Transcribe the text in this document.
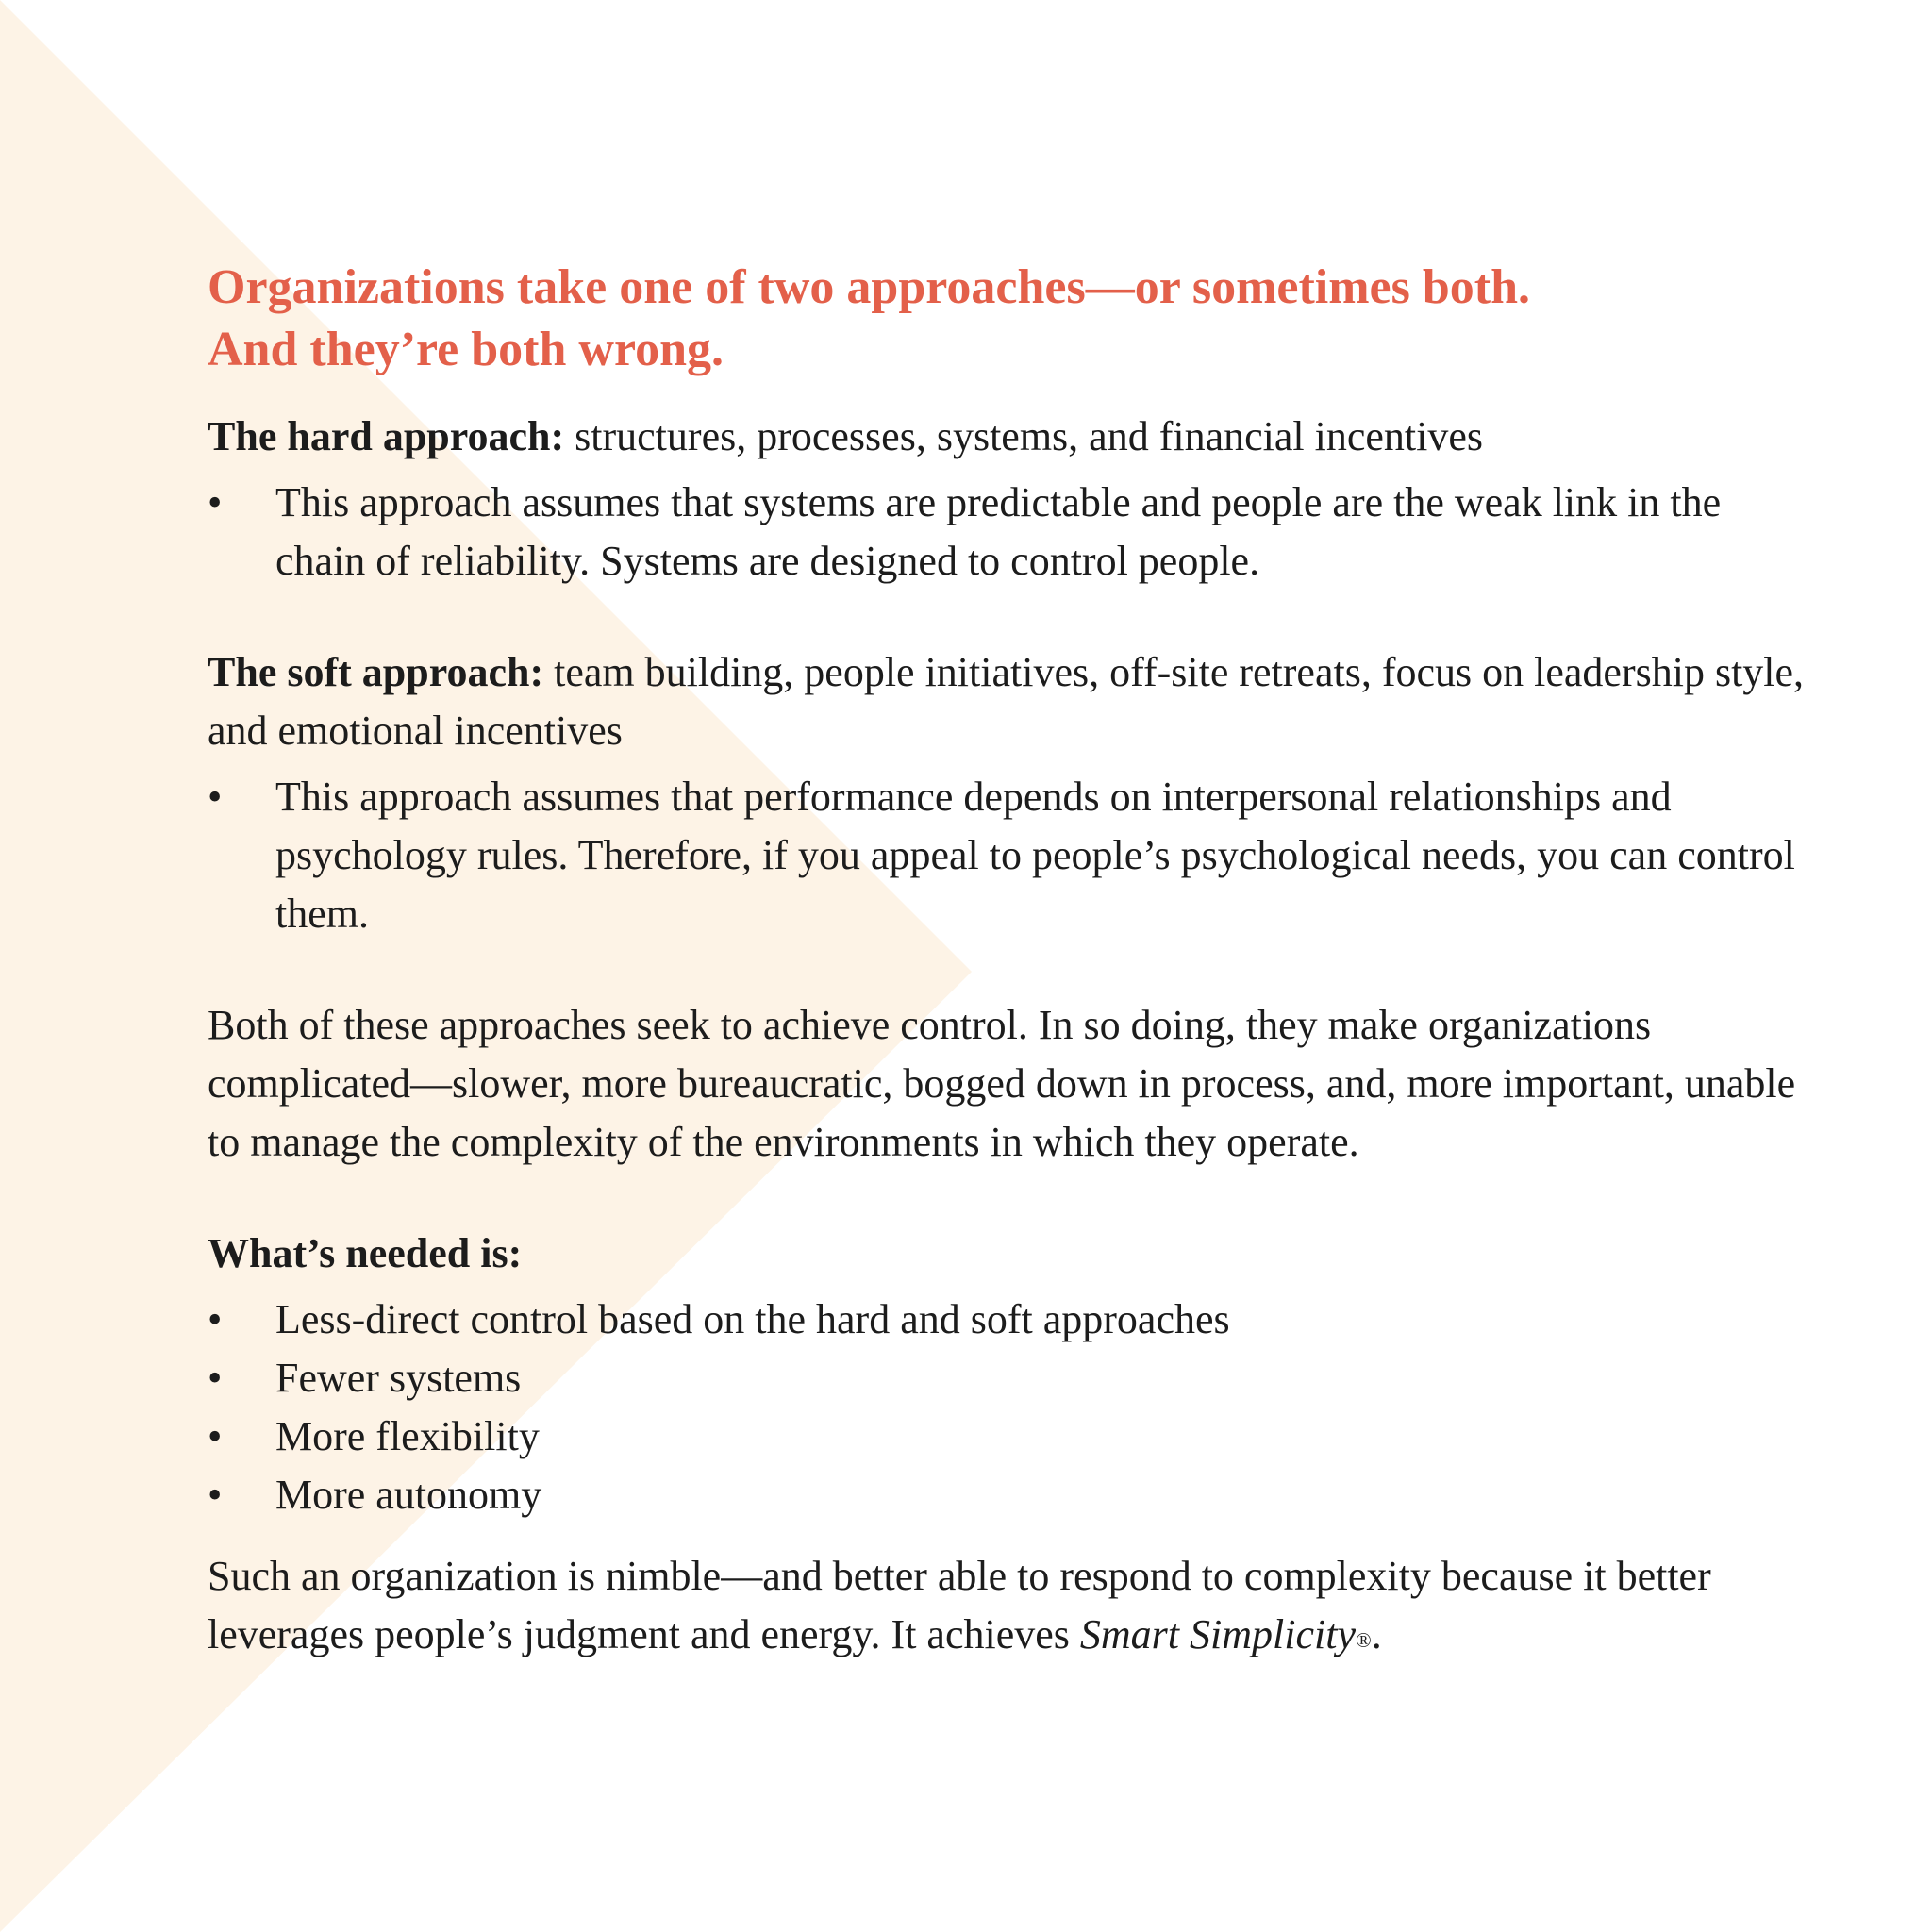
Organizations take one of two approaches—or sometimes both.
And they’re both wrong.

The hard approach: structures, processes, systems, and financial incentives

•	This approach assumes that systems are predictable and people are the weak link in the chain of reliability. Systems are designed to control people.

The soft approach: team building, people initiatives, off-site retreats, focus on leadership style, and emotional incentives

•	This approach assumes that performance depends on interpersonal relationships and psychology rules. Therefore, if you appeal to people’s psychological needs, you can control them.

Both of these approaches seek to achieve control. In so doing, they make organizations complicated—slower, more bureaucratic, bogged down in process, and, more important, unable to manage the complexity of the environments in which they operate.

What’s needed is:

•	Less-direct control based on the hard and soft approaches
•	Fewer systems
•	More flexibility
•	More autonomy

Such an organization is nimble—and better able to respond to complexity because it better leverages people’s judgment and energy. It achieves Smart Simplicity®.
